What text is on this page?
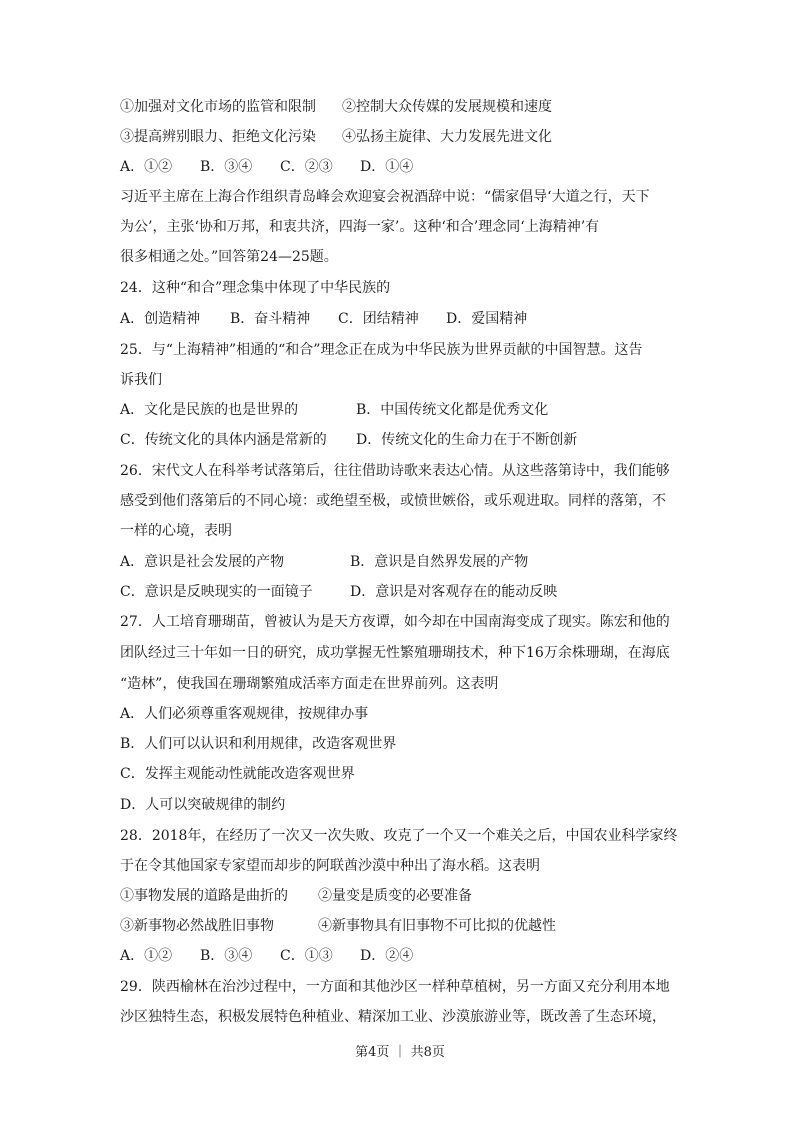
①加强对文化市场的监管和限制 ②控制大众传媒的发展规模和速度
③提高辨别眼力、拒绝文化污染 ④弘扬主旋律、大力发展先进文化
A．①② B．③④ C．②③ D．①④
习近平主席在上海合作组织青岛峰会欢迎宴会祝酒辞中说：“儒家倡导‘大道之行，天下
为公’，主张‘协和万邦，和衷共济，四海一家’。这种‘和合’理念同‘上海精神’有
很多相通之处。”回答第24—25题。
24．这种“和合”理念集中体现了中华民族的
A．创造精神 B．奋斗精神 C．团结精神 D．爱国精神
25．与“上海精神”相通的“和合”理念正在成为中华民族为世界贡献的中国智慧。这告
诉我们
A．文化是民族的也是世界的	B．中国传统文化都是优秀文化
C．传统文化的具体内涵是常新的 D．传统文化的生命力在于不断创新
26．宋代文人在科举考试落第后，往往借助诗歌来表达心情。从这些落第诗中，我们能够
感受到他们落第后的不同心境：或绝望至极，或愤世嫉俗，或乐观进取。同样的落第，不
一样的心境，表明
A．意识是社会发展的产物	B．意识是自然界发展的产物
C．意识是反映现实的一面镜子	D．意识是对客观存在的能动反映
27．人工培育珊瑚苗，曾被认为是天方夜谭，如今却在中国南海变成了现实。陈宏和他的
团队经过三十年如一日的研究，成功掌握无性繁殖珊瑚技术，种下16万余株珊瑚，在海底
“造林”，使我国在珊瑚繁殖成活率方面走在世界前列。这表明
A．人们必须尊重客观规律，按规律办事
B．人们可以认识和利用规律，改造客观世界
C．发挥主观能动性就能改造客观世界
D．人可以突破规律的制约
28．2018年，在经历了一次又一次失败、攻克了一个又一个难关之后，中国农业科学家终
于在令其他国家专家望而却步的阿联酋沙漠中种出了海水稻。这表明
①事物发展的道路是曲折的 ②量变是质变的必要准备
③新事物必然战胜旧事物	④新事物具有旧事物不可比拟的优越性
A．①② B．③④ C．①③ D．②④
29．陕西榆林在治沙过程中，一方面和其他沙区一样种草植树，另一方面又充分利用本地
沙区独特生态，积极发展特色种植业、精深加工业、沙漠旅游业等，既改善了生态环境，
第4页 ｜ 共8页
